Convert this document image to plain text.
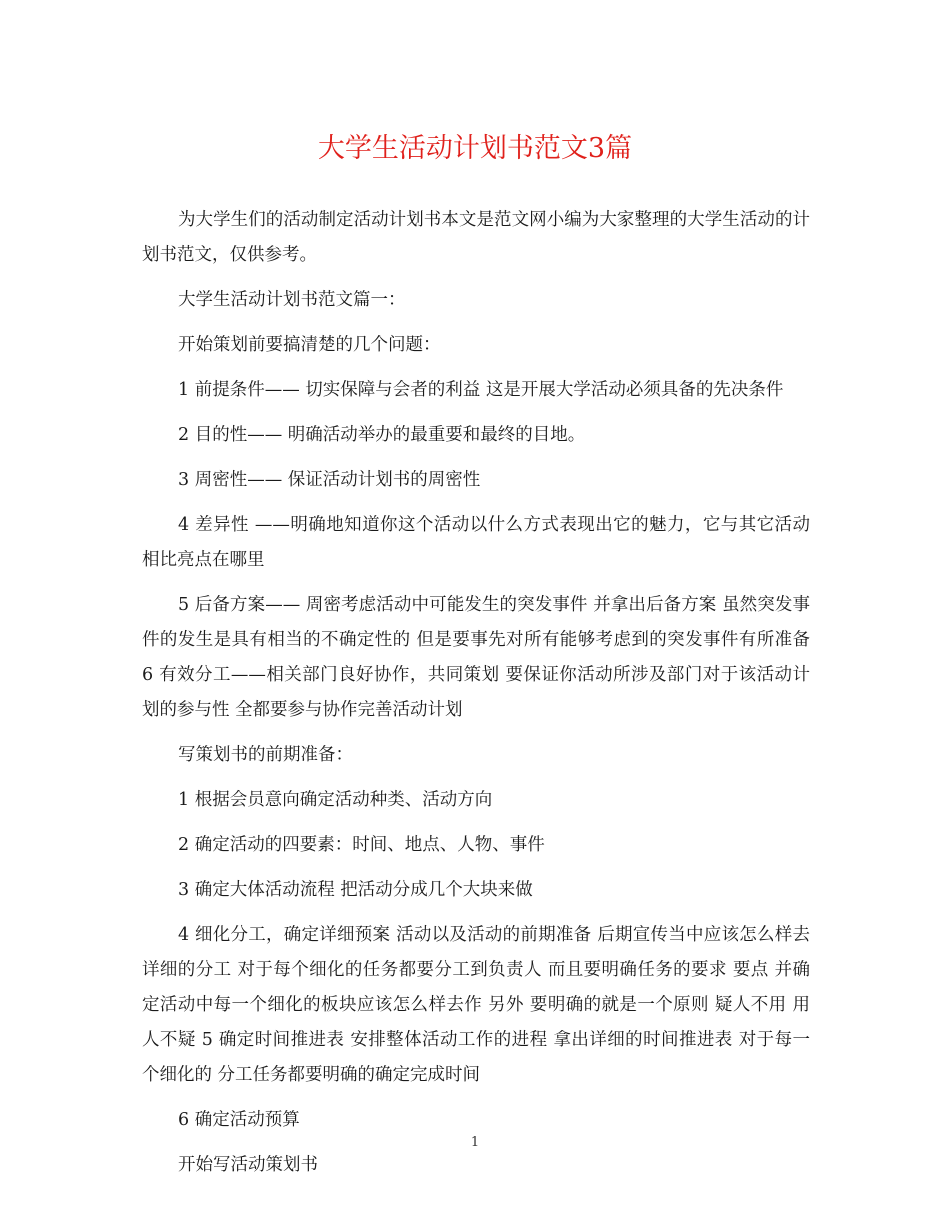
大学生活动计划书范文3篇

为大学生们的活动制定活动计划书本文是范文网小编为大家整理的大学生活动的计划书范文，仅供参考。

大学生活动计划书范文篇一：

开始策划前要搞清楚的几个问题：

1 前提条件—— 切实保障与会者的利益 这是开展大学活动必须具备的先决条件

2 目的性—— 明确活动举办的最重要和最终的目地。

3 周密性—— 保证活动计划书的周密性

4 差异性 ——明确地知道你这个活动以什么方式表现出它的魅力，它与其它活动相比亮点在哪里

5 后备方案—— 周密考虑活动中可能发生的突发事件 并拿出后备方案 虽然突发事件的发生是具有相当的不确定性的 但是要事先对所有能够考虑到的突发事件有所准备 6 有效分工——相关部门良好协作，共同策划 要保证你活动所涉及部门对于该活动计划的参与性 全都要参与协作完善活动计划

写策划书的前期准备：

1 根据会员意向确定活动种类、活动方向

2 确定活动的四要素：时间、地点、人物、事件

3 确定大体活动流程 把活动分成几个大块来做

4 细化分工，确定详细预案 活动以及活动的前期准备 后期宣传当中应该怎么样去详细的分工 对于每个细化的任务都要分工到负责人 而且要明确任务的要求 要点 并确定活动中每一个细化的板块应该怎么样去作 另外 要明确的就是一个原则 疑人不用 用人不疑 5 确定时间推进表 安排整体活动工作的进程 拿出详细的时间推进表 对于每一个细化的 分工任务都要明确的确定完成时间

6 确定活动预算

开始写活动策划书

1
